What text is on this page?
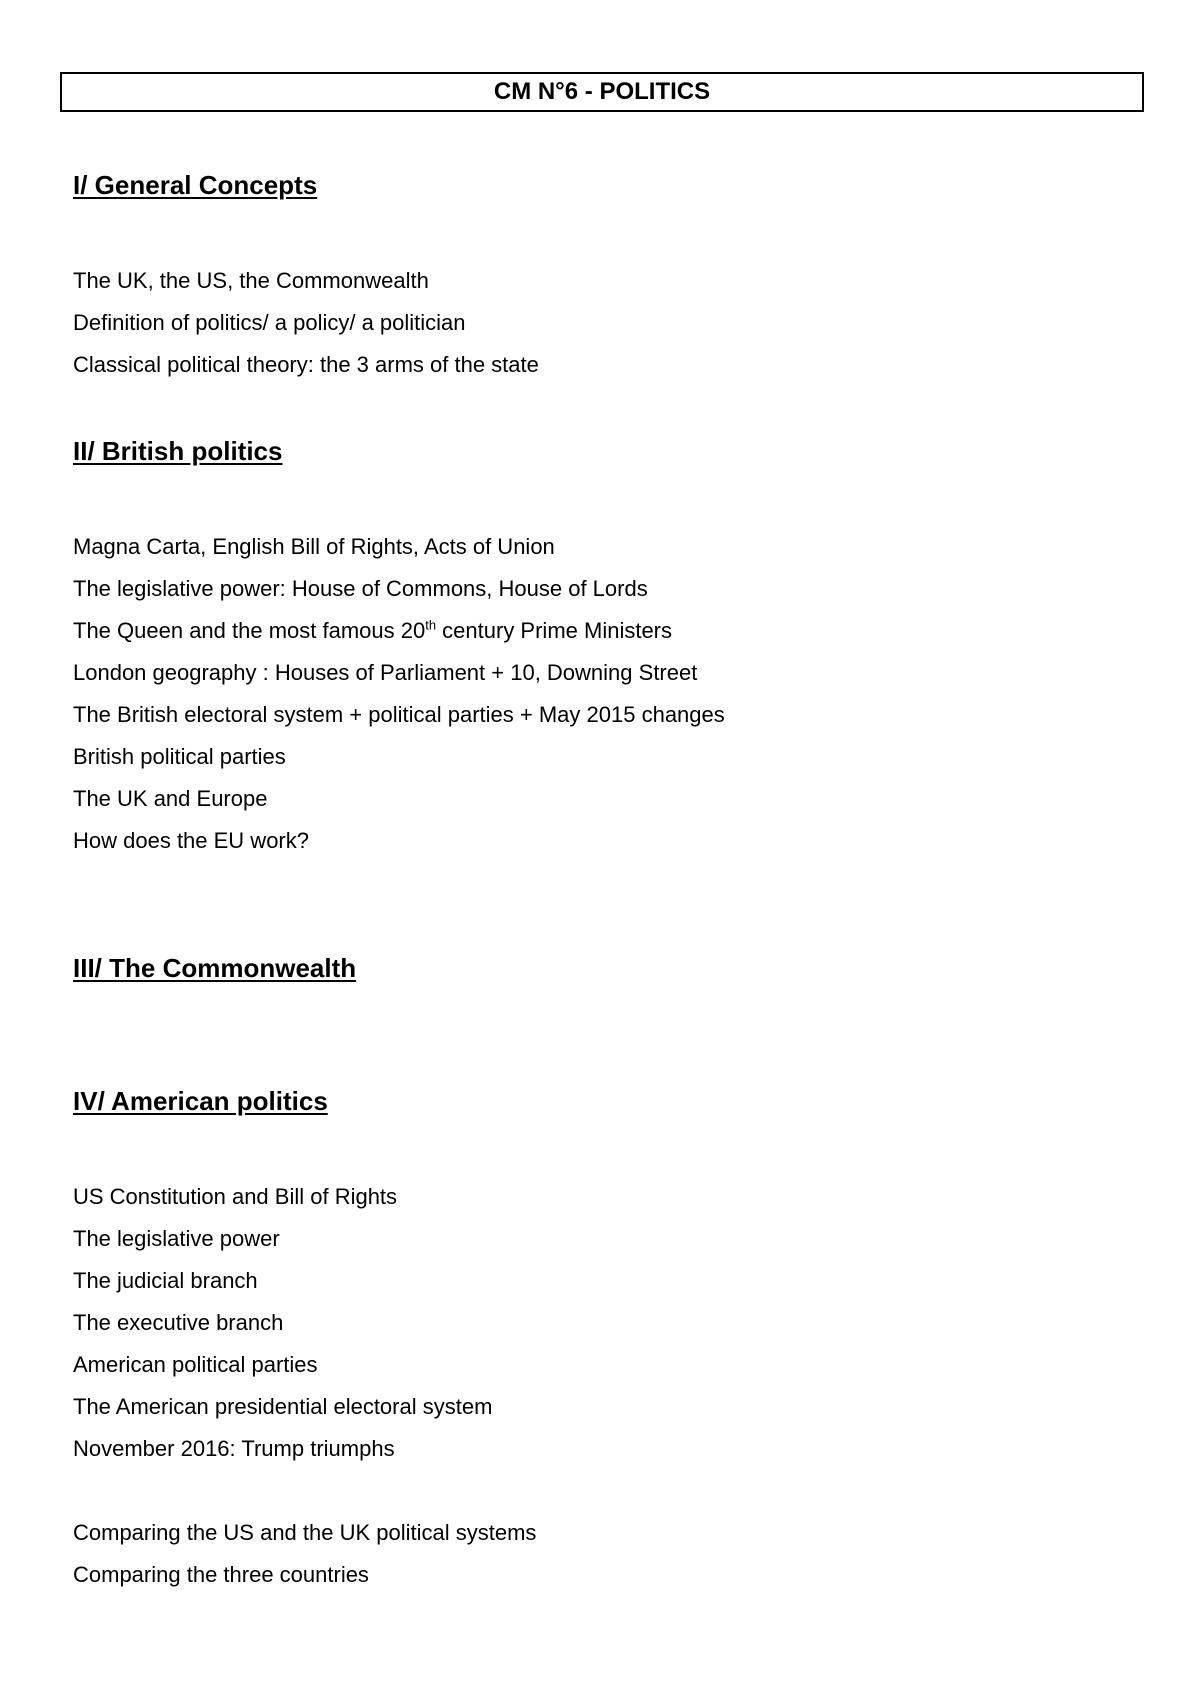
CM N°6 - POLITICS
I/ General Concepts
The UK, the US, the Commonwealth
Definition of politics/ a policy/ a politician
Classical political theory: the 3 arms of the state
II/ British politics
Magna Carta, English Bill of Rights, Acts of Union
The legislative power: House of Commons, House of Lords
The Queen and the most famous 20th century Prime Ministers
London geography : Houses of Parliament + 10, Downing Street
The British electoral system + political parties + May 2015 changes
British political parties
The UK and Europe
How does the EU work?
III/ The Commonwealth
IV/ American politics
US Constitution and Bill of Rights
The legislative power
The judicial branch
The executive branch
American political parties
The American presidential electoral system
November 2016: Trump triumphs
Comparing the US and the UK political systems
Comparing the three countries
